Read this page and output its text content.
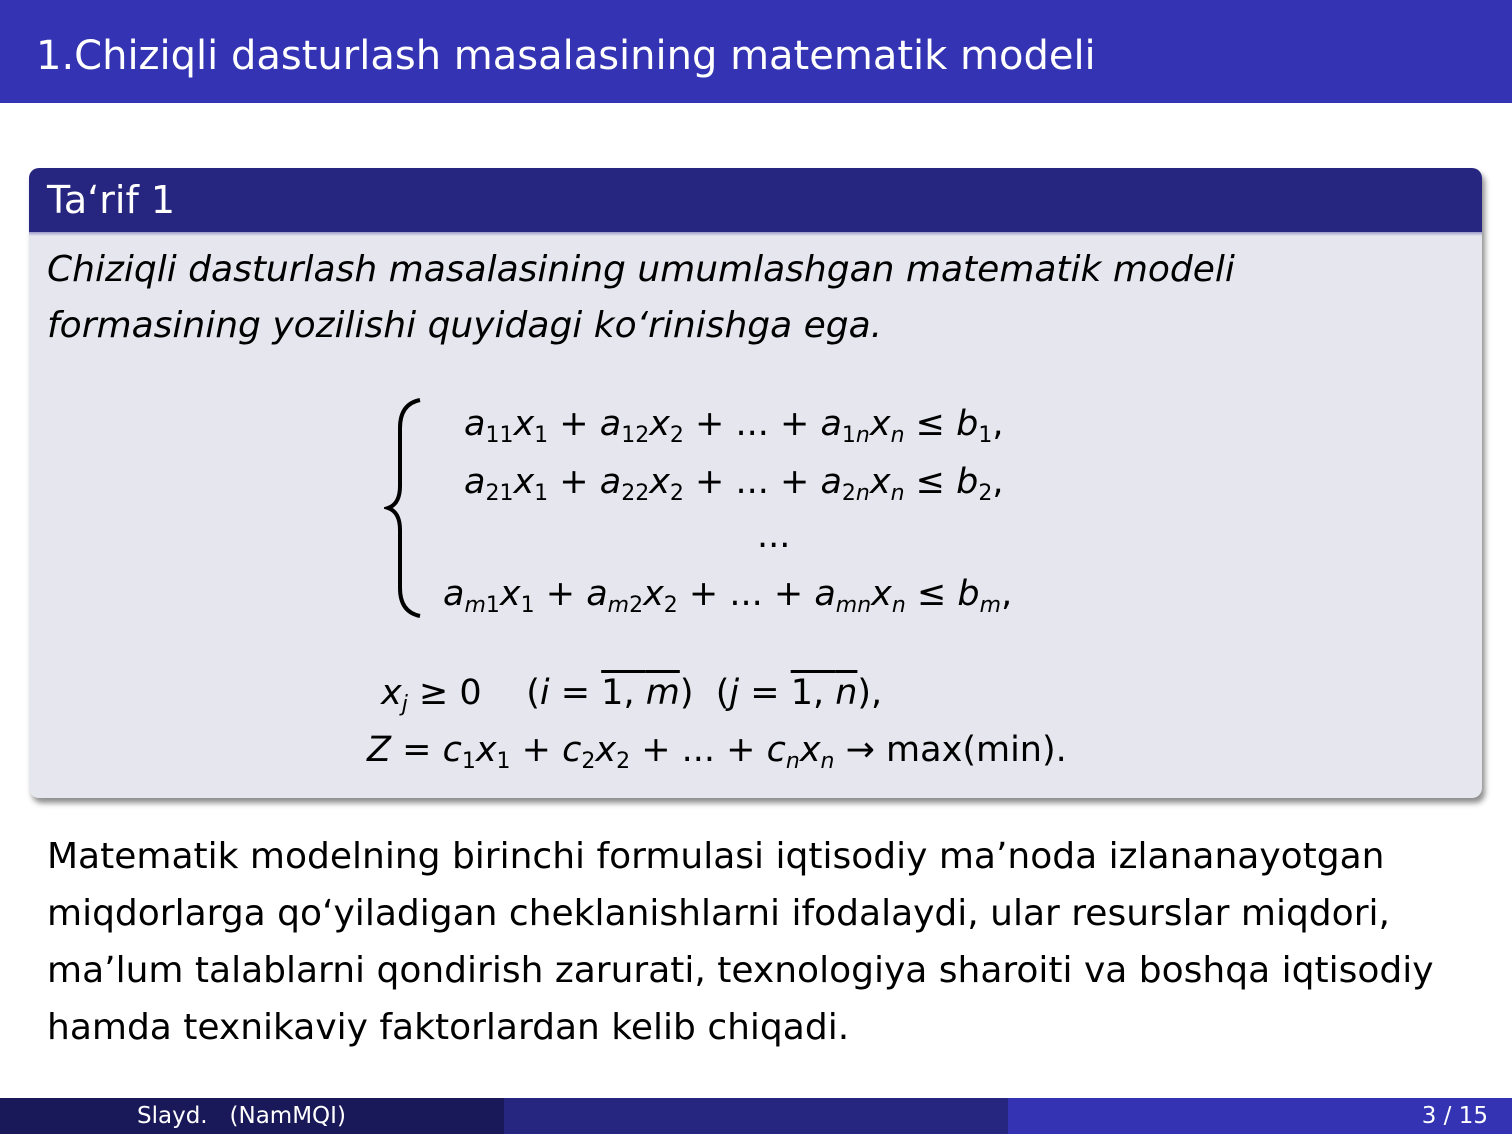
1.Chiziqli dasturlash masalasining matematik modeli
Ta‘rif 1
Chiziqli dasturlash masalasining umumlashgan matematik modeli formasining yozilishi quyidagi ko‘rinishga ega.
$a_{11}x_1 + a_{12}x_2$ + ... + $a_{1n}x_n \le b_1$,
$a_{21}x_1 + a_{22}x_2$ + ... + $a_{2n}x_n \le b_2$,
...
$a_{m1}x_1 + a_{m2}x_2$ + ... + $a_{mn}x_n \le b_m$,
$x_j \ge 0$    (i = 1, m)  (j = 1, n),
$Z = c_1x_1 + c_2x_2$ + ... + $c_nx_n \to \max(\min)$.
Matematik modelning birinchi formulasi iqtisodiy ma’noda izlananayotgan miqdorlarga qo‘yiladigan cheklanishlarni ifodalaydi, ular resurslar miqdori, ma’lum talablarni qondirish zarurati, texnologiya sharoiti va boshqa iqtisodiy hamda texnikaviy faktorlardan kelib chiqadi.
Slayd.   (NamMQI)	3 / 15
